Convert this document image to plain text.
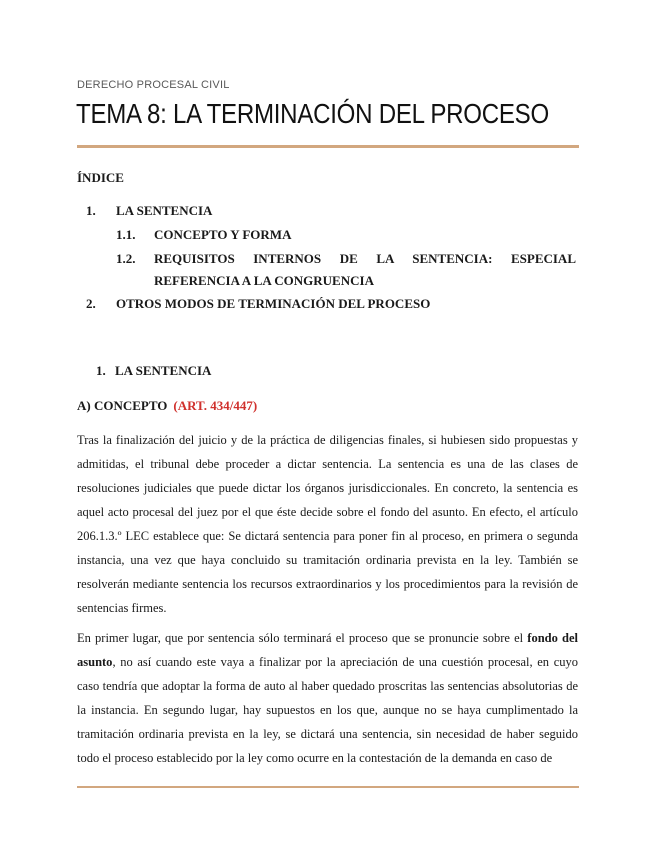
DERECHO PROCESAL CIVIL
TEMA 8: LA TERMINACIÓN DEL PROCESO
ÍNDICE
1. LA SENTENCIA
1.1. CONCEPTO Y FORMA
1.2. REQUISITOS INTERNOS DE LA SENTENCIA: ESPECIAL
REFERENCIA A LA CONGRUENCIA
2. OTROS MODOS DE TERMINACIÓN DEL PROCESO
1. LA SENTENCIA
A) CONCEPTO (ART. 434/447)

Tras la finalización del juicio y de la práctica de diligencias finales, si hubiesen sido propuestas y admitidas, el tribunal debe proceder a dictar sentencia. La sentencia es una de las clases de resoluciones judiciales que puede dictar los órganos jurisdiccionales. En concreto, la sentencia es aquel acto procesal del juez por el que éste decide sobre el fondo del asunto. En efecto, el artículo 206.1.3.º LEC establece que: Se dictará sentencia para poner fin al proceso, en primera o segunda instancia, una vez que haya concluido su tramitación ordinaria prevista en la ley. También se resolverán mediante sentencia los recursos extraordinarios y los procedimientos para la revisión de sentencias firmes.

En primer lugar, que por sentencia sólo terminará el proceso que se pronuncie sobre el fondo del asunto, no así cuando este vaya a finalizar por la apreciación de una cuestión procesal, en cuyo caso tendría que adoptar la forma de auto al haber quedado proscritas las sentencias absolutorias de la instancia. En segundo lugar, hay supuestos en los que, aunque no se haya cumplimentado la tramitación ordinaria prevista en la ley, se dictará una sentencia, sin necesidad de haber seguido todo el proceso establecido por la ley como ocurre en la contestación de la demanda en caso de
